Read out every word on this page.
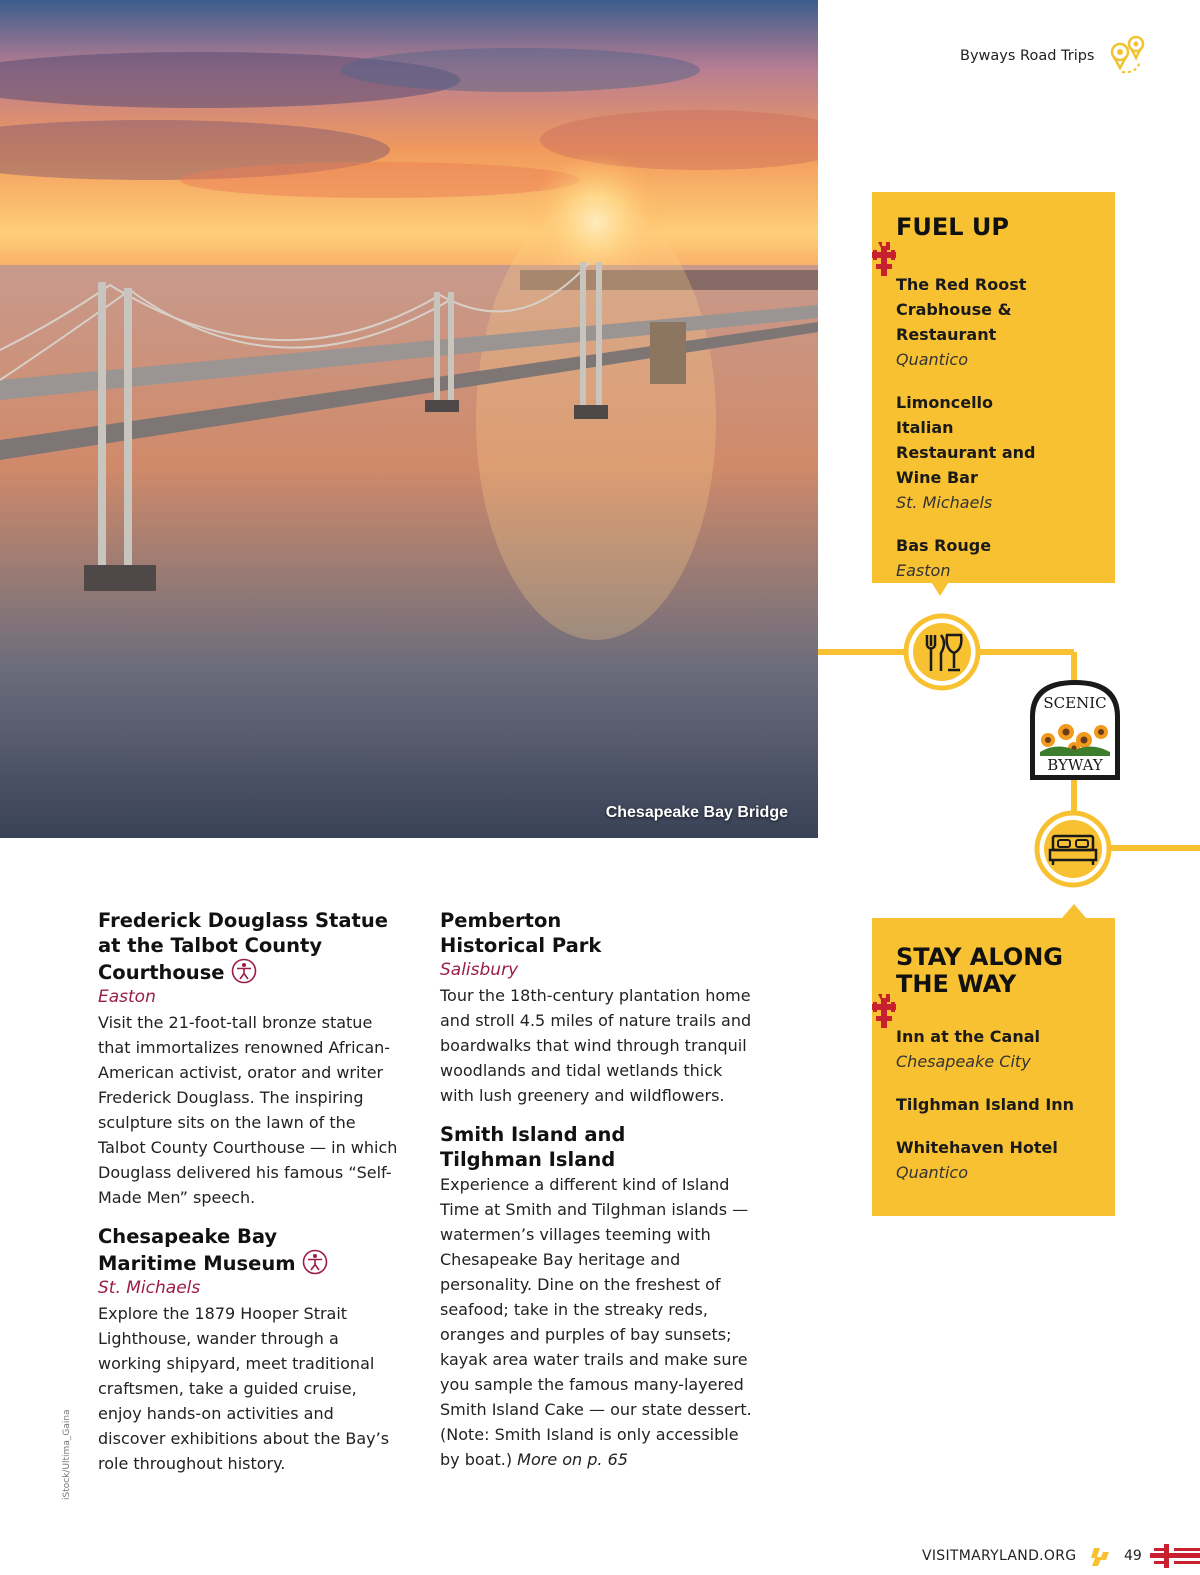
Chesapeake Bay Bridge
Byways Road Trips
SCENIC
BYWAY
FUEL UP
The Red Roost Crabhouse & Restaurant
Quantico
Limoncello Italian Restaurant and Wine Bar
St. Michaels
Bas Rouge
Easton
STAY ALONG THE WAY
Inn at the Canal
Chesapeake City
Tilghman Island Inn
Whitehaven Hotel
Quantico
Frederick Douglass Statue at the Talbot County Courthouse
Easton

Visit the 21-foot-tall bronze statue that immortalizes renowned African-American activist, orator and writer Frederick Douglass. The inspiring sculpture sits on the lawn of the Talbot County Courthouse — in which Douglass delivered his famous “Self-Made Men” speech.

Chesapeake Bay Maritime Museum
St. Michaels

Explore the 1879 Hooper Strait Lighthouse, wander through a working shipyard, meet traditional craftsmen, take a guided cruise, enjoy hands-on activities and discover exhibitions about the Bay’s role throughout history.

Pemberton Historical Park
Salisbury

Tour the 18th-century plantation home and stroll 4.5 miles of nature trails and boardwalks that wind through tranquil woodlands and tidal wetlands thick with lush greenery and wildflowers.

Smith Island and Tilghman Island

Experience a different kind of Island Time at Smith and Tilghman islands — watermen’s villages teeming with Chesapeake Bay heritage and personality. Dine on the freshest of seafood; take in the streaky reds, oranges and purples of bay sunsets; kayak area water trails and make sure you sample the famous many-layered Smith Island Cake — our state dessert. (Note: Smith Island is only accessible by boat.) More on p. 65

iStock/Ultima_Gaina
VISITMARYLAND.ORG	49
